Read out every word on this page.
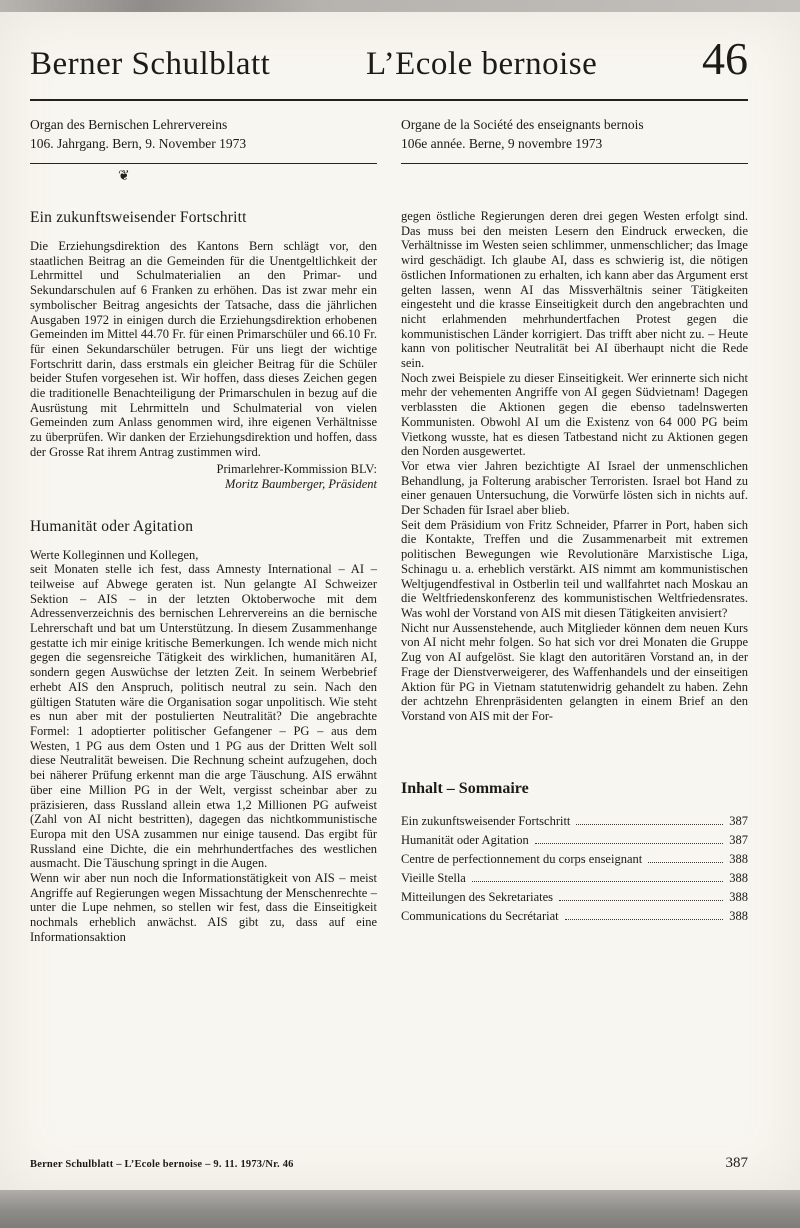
Berner Schulblatt	L’Ecole bernoise	46
Organ des Bernischen Lehrervereins
106. Jahrgang. Bern, 9. November 1973
❦
Organe de la Société des enseignants bernois
106e année. Berne, 9 novembre 1973
Ein zukunftsweisender Fortschritt

Die Erziehungsdirektion des Kantons Bern schlägt vor, den staatlichen Beitrag an die Gemeinden für die Unentgeltlichkeit der Lehrmittel und Schulmaterialien an den Primar- und Sekundarschulen auf 6 Franken zu erhöhen. Das ist zwar mehr ein symbolischer Beitrag angesichts der Tatsache, dass die jährlichen Ausgaben 1972 in einigen durch die Erziehungsdirektion erhobenen Gemeinden im Mittel 44.70 Fr. für einen Primarschüler und 66.10 Fr. für einen Sekundarschüler betrugen. Für uns liegt der wichtige Fortschritt darin, dass erstmals ein gleicher Beitrag für die Schüler beider Stufen vorgesehen ist. Wir hoffen, dass dieses Zeichen gegen die traditionelle Benachteiligung der Primarschulen in bezug auf die Ausrüstung mit Lehrmitteln und Schulmaterial von vielen Gemeinden zum Anlass genommen wird, ihre eigenen Verhältnisse zu überprüfen. Wir danken der Erziehungsdirektion und hoffen, dass der Grosse Rat ihrem Antrag zustimmen wird.

Primarlehrer-Kommission BLV:
Moritz Baumberger, Präsident
Humanität oder Agitation

Werte Kolleginnen und Kollegen,

seit Monaten stelle ich fest, dass Amnesty International – AI – teilweise auf Abwege geraten ist. Nun gelangte AI Schweizer Sektion – AIS – in der letzten Oktoberwoche mit dem Adressenverzeichnis des bernischen Lehrervereins an die bernische Lehrerschaft und bat um Unterstützung. In diesem Zusammenhange gestatte ich mir einige kritische Bemerkungen. Ich wende mich nicht gegen die segensreiche Tätigkeit des wirklichen, humanitären AI, sondern gegen Auswüchse der letzten Zeit. In seinem Werbebrief erhebt AIS den Anspruch, politisch neutral zu sein. Nach den gültigen Statuten wäre die Organisation sogar unpolitisch. Wie steht es nun aber mit der postulierten Neutralität? Die angebrachte Formel: 1 adoptierter politischer Gefangener – PG – aus dem Westen, 1 PG aus dem Osten und 1 PG aus der Dritten Welt soll diese Neutralität beweisen. Die Rechnung scheint aufzugehen, doch bei näherer Prüfung erkennt man die arge Täuschung. AIS erwähnt über eine Million PG in der Welt, vergisst scheinbar aber zu präzisieren, dass Russland allein etwa 1,2 Millionen PG aufweist (Zahl von AI nicht bestritten), dagegen das nichtkommunistische Europa mit den USA zusammen nur einige tausend. Das ergibt für Russland eine Dichte, die ein mehrhundertfaches des westlichen ausmacht. Die Täuschung springt in die Augen.

Wenn wir aber nun noch die Informationstätigkeit von AIS – meist Angriffe auf Regierungen wegen Missachtung der Menschenrechte – unter die Lupe nehmen, so stellen wir fest, dass die Einseitigkeit nochmals erheblich anwächst. AIS gibt zu, dass auf eine Informationsaktion

gegen östliche Regierungen deren drei gegen Westen erfolgt sind. Das muss bei den meisten Lesern den Eindruck erwecken, die Verhältnisse im Westen seien schlimmer, unmenschlicher; das Image wird geschädigt. Ich glaube AI, dass es schwierig ist, die nötigen östlichen Informationen zu erhalten, ich kann aber das Argument erst gelten lassen, wenn AI das Missverhältnis seiner Tätigkeiten eingesteht und die krasse Einseitigkeit durch den angebrachten und nicht erlahmenden mehrhundertfachen Protest gegen die kommunistischen Länder korrigiert. Das trifft aber nicht zu. – Heute kann von politischer Neutralität bei AI überhaupt nicht die Rede sein.

Noch zwei Beispiele zu dieser Einseitigkeit. Wer erinnerte sich nicht mehr der vehementen Angriffe von AI gegen Südvietnam! Dagegen verblassten die Aktionen gegen die ebenso tadelnswerten Kommunisten. Obwohl AI um die Existenz von 64 000 PG beim Vietkong wusste, hat es diesen Tatbestand nicht zu Aktionen gegen den Norden ausgewertet.

Vor etwa vier Jahren bezichtigte AI Israel der unmenschlichen Behandlung, ja Folterung arabischer Terroristen. Israel bot Hand zu einer genauen Untersuchung, die Vorwürfe lösten sich in nichts auf. Der Schaden für Israel aber blieb.

Seit dem Präsidium von Fritz Schneider, Pfarrer in Port, haben sich die Kontakte, Treffen und die Zusammenarbeit mit extremen politischen Bewegungen wie Revolutionäre Marxistische Liga, Schinagu u. a. erheblich verstärkt. AIS nimmt am kommunistischen Weltjugendfestival in Ostberlin teil und wallfahrtet nach Moskau an die Weltfriedenskonferenz des kommunistischen Weltfriedensrates. Was wohl der Vorstand von AIS mit diesen Tätigkeiten anvisiert?

Nicht nur Aussenstehende, auch Mitglieder können dem neuen Kurs von AI nicht mehr folgen. So hat sich vor drei Monaten die Gruppe Zug von AI aufgelöst. Sie klagt den autoritären Vorstand an, in der Frage der Dienstverweigerer, des Waffenhandels und der einseitigen Aktion für PG in Vietnam statutenwidrig gehandelt zu haben. Zehn der achtzehn Ehrenpräsidenten gelangten in einem Brief an den Vorstand von AIS mit der For-

Inhalt – Sommaire
Ein zukunftsweisender Fortschritt	387
Humanität oder Agitation	387
Centre de perfectionnement du corps enseignant	388
Vieille Stella	388
Mitteilungen des Sekretariates	388
Communications du Secrétariat	388
Berner Schulblatt – L’Ecole bernoise – 9. 11. 1973/Nr. 46	387
